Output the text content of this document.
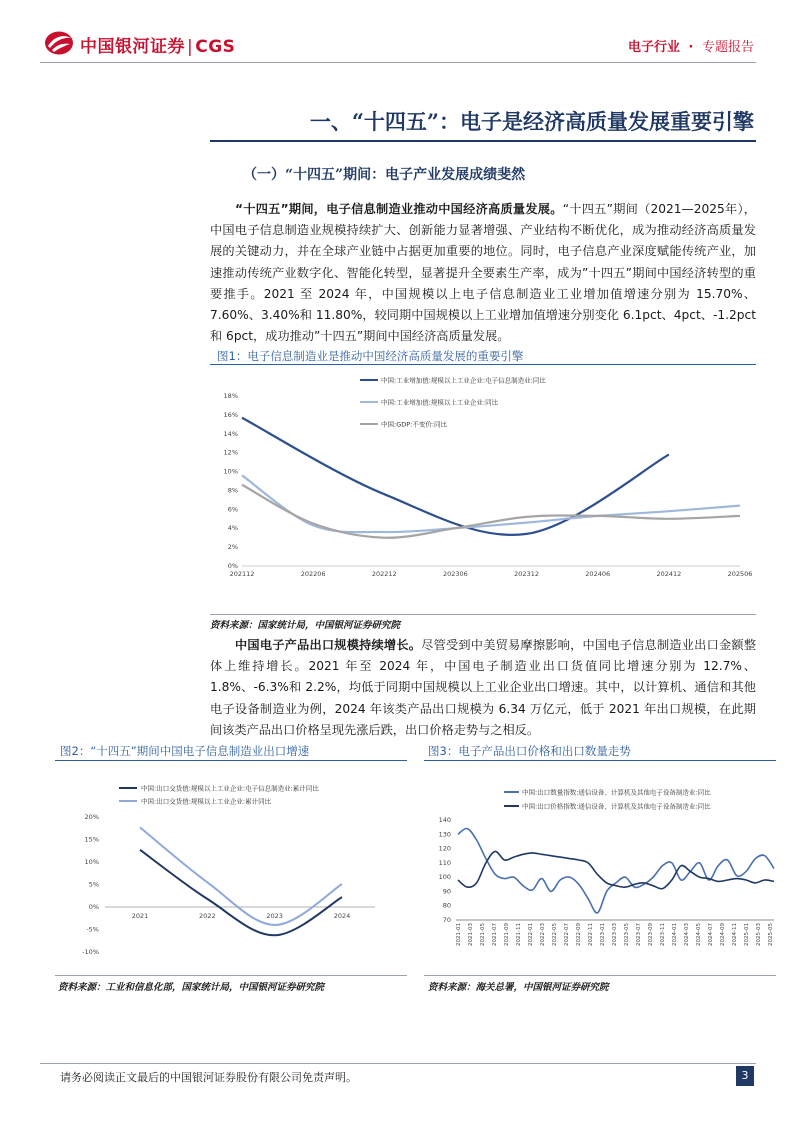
中国银河证券 | CGS	电子行业 · 专题报告
一、“十四五”：电子是经济高质量发展重要引擎
（一）“十四五”期间：电子产业发展成绩斐然
“十四五”期间，电子信息制造业推动中国经济高质量发展。“十四五”期间（2021—2025年），中国电子信息制造业规模持续扩大、创新能力显著增强、产业结构不断优化，成为推动经济高质量发展的关键动力，并在全球产业链中占据更加重要的地位。同时，电子信息产业深度赋能传统产业，加速推动传统产业数字化、智能化转型，显著提升全要素生产率，成为”十四五”期间中国经济转型的重要推手。2021 至 2024 年，中国规模以上电子信息制造业工业增加值增速分别为 15.70%、7.60%、3.40%和 11.80%，较同期中国规模以上工业增加值增速分别变化 6.1pct、4pct、-1.2pct 和 6pct，成功推动”十四五”期间中国经济高质量发展。
图1：电子信息制造业是推动中国经济高质量发展的重要引擎
0%
2%
4%
6%
8%
10%
12%
14%
16%
18%
202112	202206	202212	202306	202312	202406	202412	202506
中国:工业增加值:规模以上工业企业:电子信息制造业:同比
中国:工业增加值:规模以上工业企业:同比
中国:GDP:不变价:同比
资料来源：国家统计局，中国银河证券研究院
中国电子产品出口规模持续增长。尽管受到中美贸易摩擦影响，中国电子信息制造业出口金额整体上维持增长。2021 年至 2024 年，中国电子制造业出口货值同比增速分别为 12.7%、1.8%、-6.3%和 2.2%，均低于同期中国规模以上工业企业出口增速。其中，以计算机、通信和其他电子设备制造业为例，2024 年该类产品出口规模为 6.34 万亿元，低于 2021 年出口规模，在此期间该类产品出口价格呈现先涨后跌，出口价格走势与之相反。
图2：“十四五”期间中国电子信息制造业出口增速
-10%
-5%
0%
5%
10%
15%
20%
2021	2022	2023	2024
中国:出口交货值:规模以上工业企业:电子信息制造业:累计同比
中国:出口交货值:规模以上工业企业:累计同比
资料来源：工业和信息化部，国家统计局，中国银河证券研究院
图3：电子产品出口价格和出口数量走势
70
80
90
100
110
120
130
140
2021-01 2021-03 2021-05 2021-07 2021-09 2021-11 2022-01 2022-03 2022-05 2022-07 2022-09 2022-11 2023-01 2023-03 2023-05 2023-07 2023-09 2023-11 2024-01 2024-03 2024-05 2024-07 2024-09 2024-11 2025-01 2025-03 2025-05
中国:出口数量指数:通信设备、计算机及其他电子设备制造业:同比
中国:出口价格指数:通信设备、计算机及其他电子设备制造业:同比
资料来源：海关总署，中国银河证券研究院
请务必阅读正文最后的中国银河证券股份有限公司免责声明。	3
